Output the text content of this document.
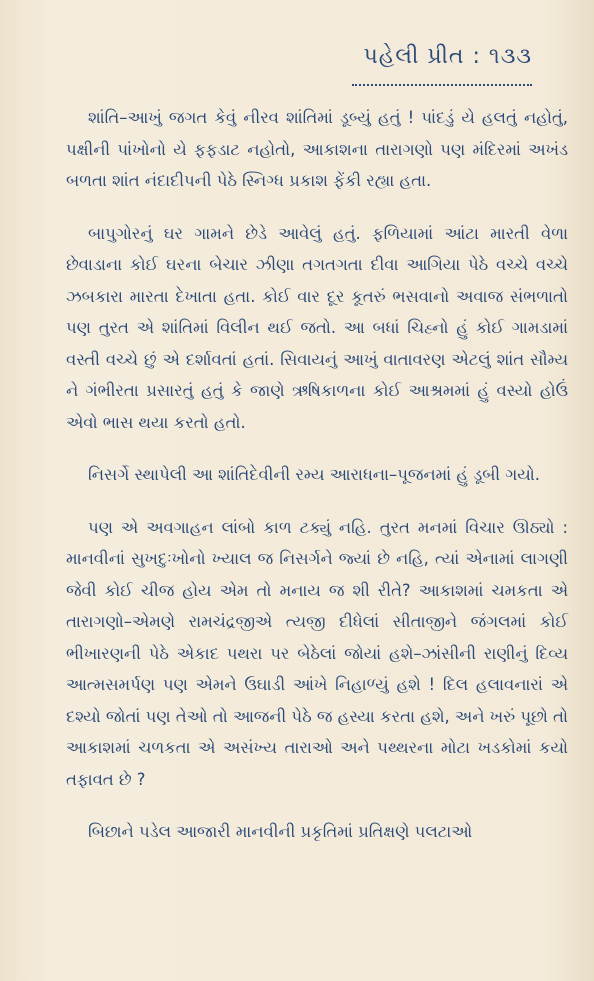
પહેલી પ્રીત : ૧૩૩

શાંતિ–આખું જગત કેવું નીરવ શાંતિમાં ડૂબ્યું હતું ! પાંદડું યે હલતું નહોતું, પક્ષીની પાંખોનો યે ફફડાટ નહોતો, આકાશના તારાગણો પણ મંદિરમાં અખંડ બળતા શાંત નંદાદીપની પેઠે સ્નિગ્ધ પ્રકાશ ફેંકી રહ્યા હતા.

બાપુગોરનું ઘર ગામને છેડે આવેલું હતું. ફળિયામાં આંટા મારતી વેળા છેવાડાના કોઈ ઘરના બેચાર ઝીણા તગતગતા દીવા આગિયા પેઠે વચ્ચે વચ્ચે ઝબકારા મારતા દેખાતા હતા. કોઈ વાર દૂર કૂતરું ભસવાનો અવાજ સંભળાતો પણ તુરત એ શાંતિમાં વિલીન થઈ જતો. આ બધાં ચિહ્નો હું કોઈ ગામડામાં વસ્તી વચ્ચે છું એ દર્શાવતાં હતાં. સિવાયનું આખું વાતાવરણ એટલું શાંત સૌમ્ય ને ગંભીરતા પ્રસારતું હતું કે જાણે ઋષિકાળના કોઈ આશ્રમમાં હું વસ્યો હોઉં એવો ભાસ થયા કરતો હતો.

નિસર્ગે સ્થાપેલી આ શાંતિદેવીની રમ્ય આરાધના–પૂજનમાં હું ડૂબી ગયો.

પણ એ અવગાહન લાંબો કાળ ટક્યું નહિ. તુરત મનમાં વિચાર ઊઠ્યો : માનવીનાં સુખદુઃખોનો ખ્યાલ જ નિસર્ગને જ્યાં છે નહિ, ત્યાં એનામાં લાગણી જેવી કોઈ ચીજ હોય એમ તો મનાય જ શી રીતે? આકાશમાં ચમકતા એ તારાગણો–એમણે રામચંદ્રજીએ ત્યજી દીધેલાં સીતાજીને જંગલમાં કોઈ ભીખારણની પેઠે એકાદ પથરા પર બેઠેલાં જોયાં હશે–ઝાંસીની રાણીનું દિવ્ય આત્મસમર્પણ પણ એમને ઉઘાડી આંખે નિહાળ્યું હશે ! દિલ હલાવનારાં એ દશ્યો જોતાં પણ તેઓ તો આજની પેઠે જ હસ્યા કરતા હશે, અને ખરું પૂછો તો આકાશમાં ચળકતા એ અસંખ્ય તારાઓ અને પથ્થરના મોટા ખડકોમાં કયો તફાવત છે ?

બિછાને પડેલ આજારી માનવીની પ્રકૃતિમાં પ્રતિક્ષણે પલટાઓ
